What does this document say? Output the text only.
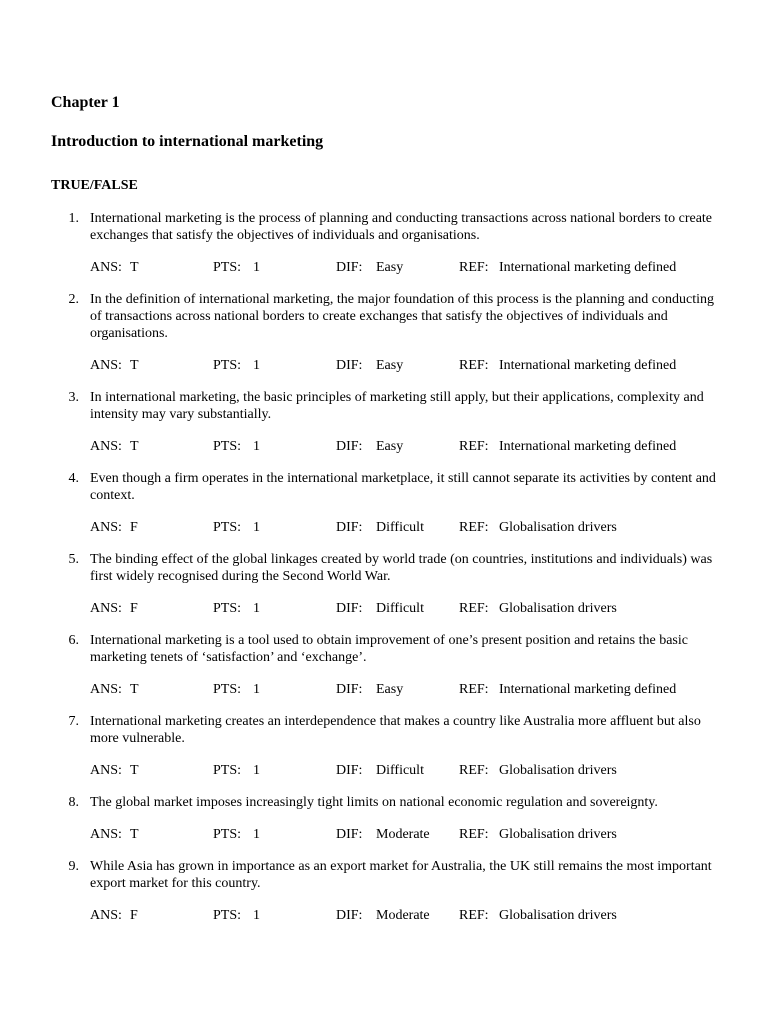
Chapter 1
Introduction to international marketing
TRUE/FALSE
1. International marketing is the process of planning and conducting transactions across national borders to create exchanges that satisfy the objectives of individuals and organisations.
ANS: T	PTS: 1	DIF: Easy	REF: International marketing defined
2. In the definition of international marketing, the major foundation of this process is the planning and conducting of transactions across national borders to create exchanges that satisfy the objectives of individuals and organisations.
ANS: T	PTS: 1	DIF: Easy	REF: International marketing defined
3. In international marketing, the basic principles of marketing still apply, but their applications, complexity and intensity may vary substantially.
ANS: T	PTS: 1	DIF: Easy	REF: International marketing defined
4. Even though a firm operates in the international marketplace, it still cannot separate its activities by content and context.
ANS: F	PTS: 1	DIF: Difficult	REF: Globalisation drivers
5. The binding effect of the global linkages created by world trade (on countries, institutions and individuals) was first widely recognised during the Second World War.
ANS: F	PTS: 1	DIF: Difficult	REF: Globalisation drivers
6. International marketing is a tool used to obtain improvement of one’s present position and retains the basic marketing tenets of ‘satisfaction’ and ‘exchange’.
ANS: T	PTS: 1	DIF: Easy	REF: International marketing defined
7. International marketing creates an interdependence that makes a country like Australia more affluent but also more vulnerable.
ANS: T	PTS: 1	DIF: Difficult	REF: Globalisation drivers
8. The global market imposes increasingly tight limits on national economic regulation and sovereignty.
ANS: T	PTS: 1	DIF: Moderate REF: Globalisation drivers
9. While Asia has grown in importance as an export market for Australia, the UK still remains the most important export market for this country.
ANS: F	PTS: 1	DIF: Moderate REF: Globalisation drivers
